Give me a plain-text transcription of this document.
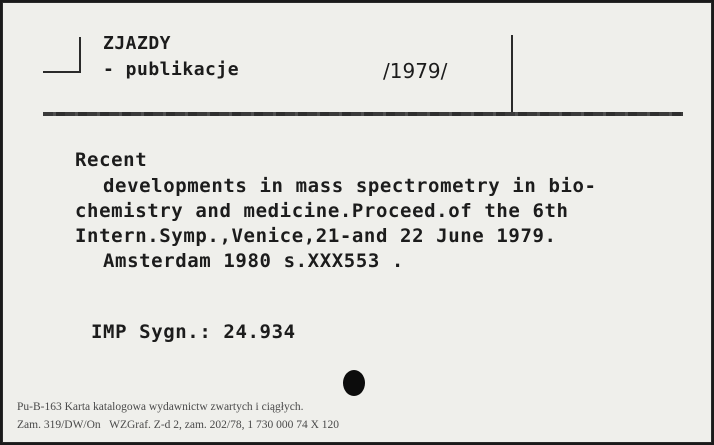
ZJAZDY
- publikacje	/1979/
Recent
developments in mass spectrometry in bio-
chemistry and medicine.Proceed.of the 6th
Intern.Symp.,Venice,21-and 22 June 1979.
Amsterdam 1980 s.XXX553 .
IMP Sygn.: 24.934
Pu-B-163 Karta katalogowa wydawnictw zwartych i ciągłych.
Zam. 319/DW/On   WZGraf. Z-d 2, zam. 202/78, 1 730 000 74 X 120
